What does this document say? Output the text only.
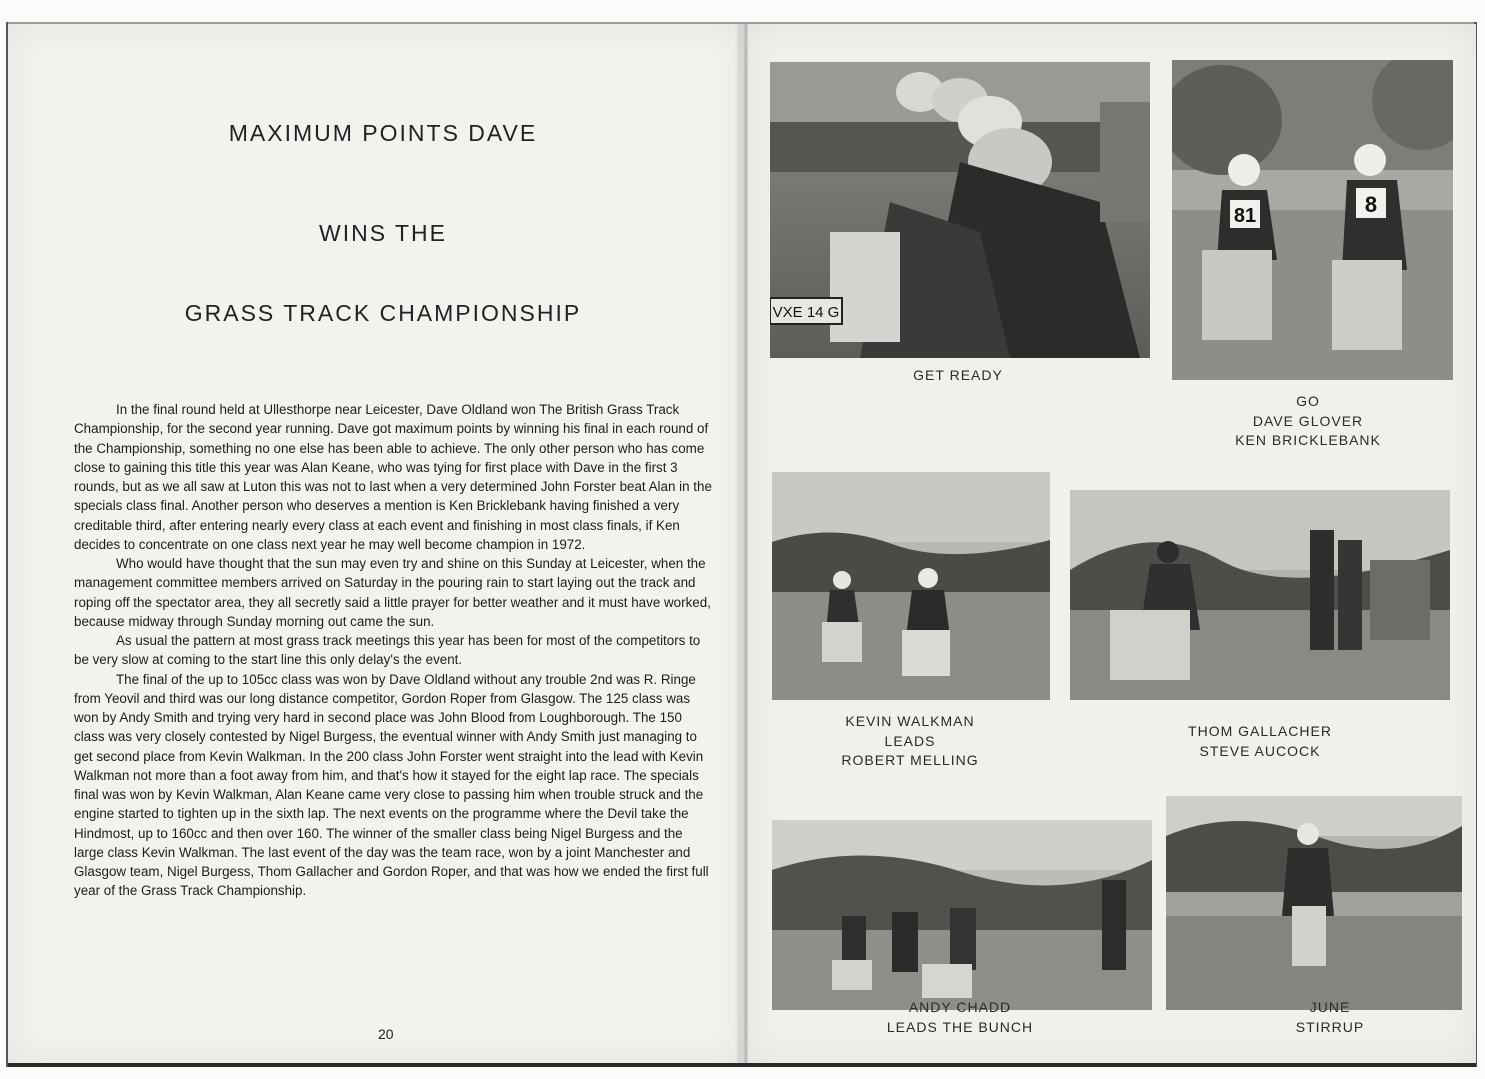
MAXIMUM POINTS DAVE
WINS THE
GRASS TRACK CHAMPIONSHIP

In the final round held at Ullesthorpe near Leicester, Dave Oldland won The British Grass Track Championship, for the second year running. Dave got maximum points by winning his final in each round of the Championship, something no one else has been able to achieve. The only other person who has come close to gaining this title this year was Alan Keane, who was tying for first place with Dave in the first 3 rounds, but as we all saw at Luton this was not to last when a very determined John Forster beat Alan in the specials class final. Another person who deserves a mention is Ken Bricklebank having finished a very creditable third, after entering nearly every class at each event and finishing in most class finals, if Ken decides to concentrate on one class next year he may well become champion in 1972.

Who would have thought that the sun may even try and shine on this Sunday at Leicester, when the management committee members arrived on Saturday in the pouring rain to start laying out the track and roping off the spectator area, they all secretly said a little prayer for better weather and it must have worked, because midway through Sunday morning out came the sun.

As usual the pattern at most grass track meetings this year has been for most of the competitors to be very slow at coming to the start line this only delay's the event.

The final of the up to 105cc class was won by Dave Oldland without any trouble 2nd was R. Ringe from Yeovil and third was our long distance competitor, Gordon Roper from Glasgow. The 125 class was won by Andy Smith and trying very hard in second place was John Blood from Loughborough. The 150 class was very closely contested by Nigel Burgess, the eventual winner with Andy Smith just managing to get second place from Kevin Walkman. In the 200 class John Forster went straight into the lead with Kevin Walkman not more than a foot away from him, and that's how it stayed for the eight lap race. The specials final was won by Kevin Walkman, Alan Keane came very close to passing him when trouble struck and the engine started to tighten up in the sixth lap. The next events on the programme where the Devil take the Hindmost, up to 160cc and then over 160. The winner of the smaller class being Nigel Burgess and the large class Kevin Walkman. The last event of the day was the team race, won by a joint Manchester and Glasgow team, Nigel Burgess, Thom Gallacher and Gordon Roper, and that was how we ended the first full year of the Grass Track Championship.

20
VXE 14 G
81	8
GET READY
GO
DAVE GLOVER
KEN BRICKLEBANK
KEVIN WALKMAN
LEADS
ROBERT MELLING
THOM GALLACHER
STEVE AUCOCK
ANDY CHADD
LEADS THE BUNCH
JUNE
STIRRUP
